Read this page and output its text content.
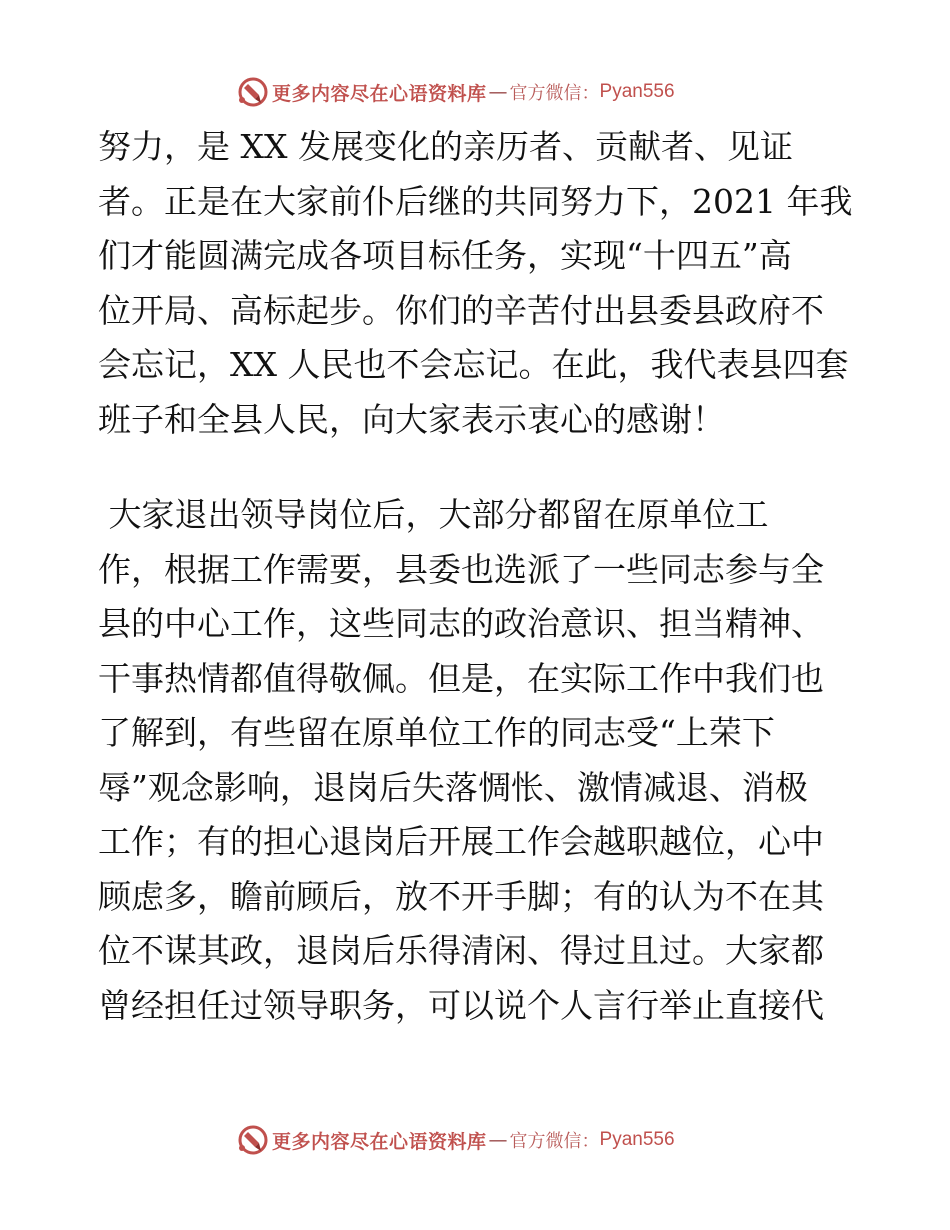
更多内容尽在心语资料库 — 官方微信： Pyan556
努力，是 XX 发展变化的亲历者、贡献者、见证
者。正是在大家前仆后继的共同努力下，2021 年我
们才能圆满完成各项目标任务，实现“十四五”高
位开局、高标起步。你们的辛苦付出县委县政府不
会忘记，XX 人民也不会忘记。在此，我代表县四套
班子和全县人民，向大家表示衷心的感谢！
大家退出领导岗位后，大部分都留在原单位工
作，根据工作需要，县委也选派了一些同志参与全
县的中心工作，这些同志的政治意识、担当精神、
干事热情都值得敬佩。但是，在实际工作中我们也
了解到，有些留在原单位工作的同志受“上荣下
辱”观念影响，退岗后失落惆怅、激情减退、消极
工作；有的担心退岗后开展工作会越职越位，心中
顾虑多，瞻前顾后，放不开手脚；有的认为不在其
位不谋其政，退岗后乐得清闲、得过且过。大家都
曾经担任过领导职务，可以说个人言行举止直接代
更多内容尽在心语资料库 — 官方微信： Pyan556
